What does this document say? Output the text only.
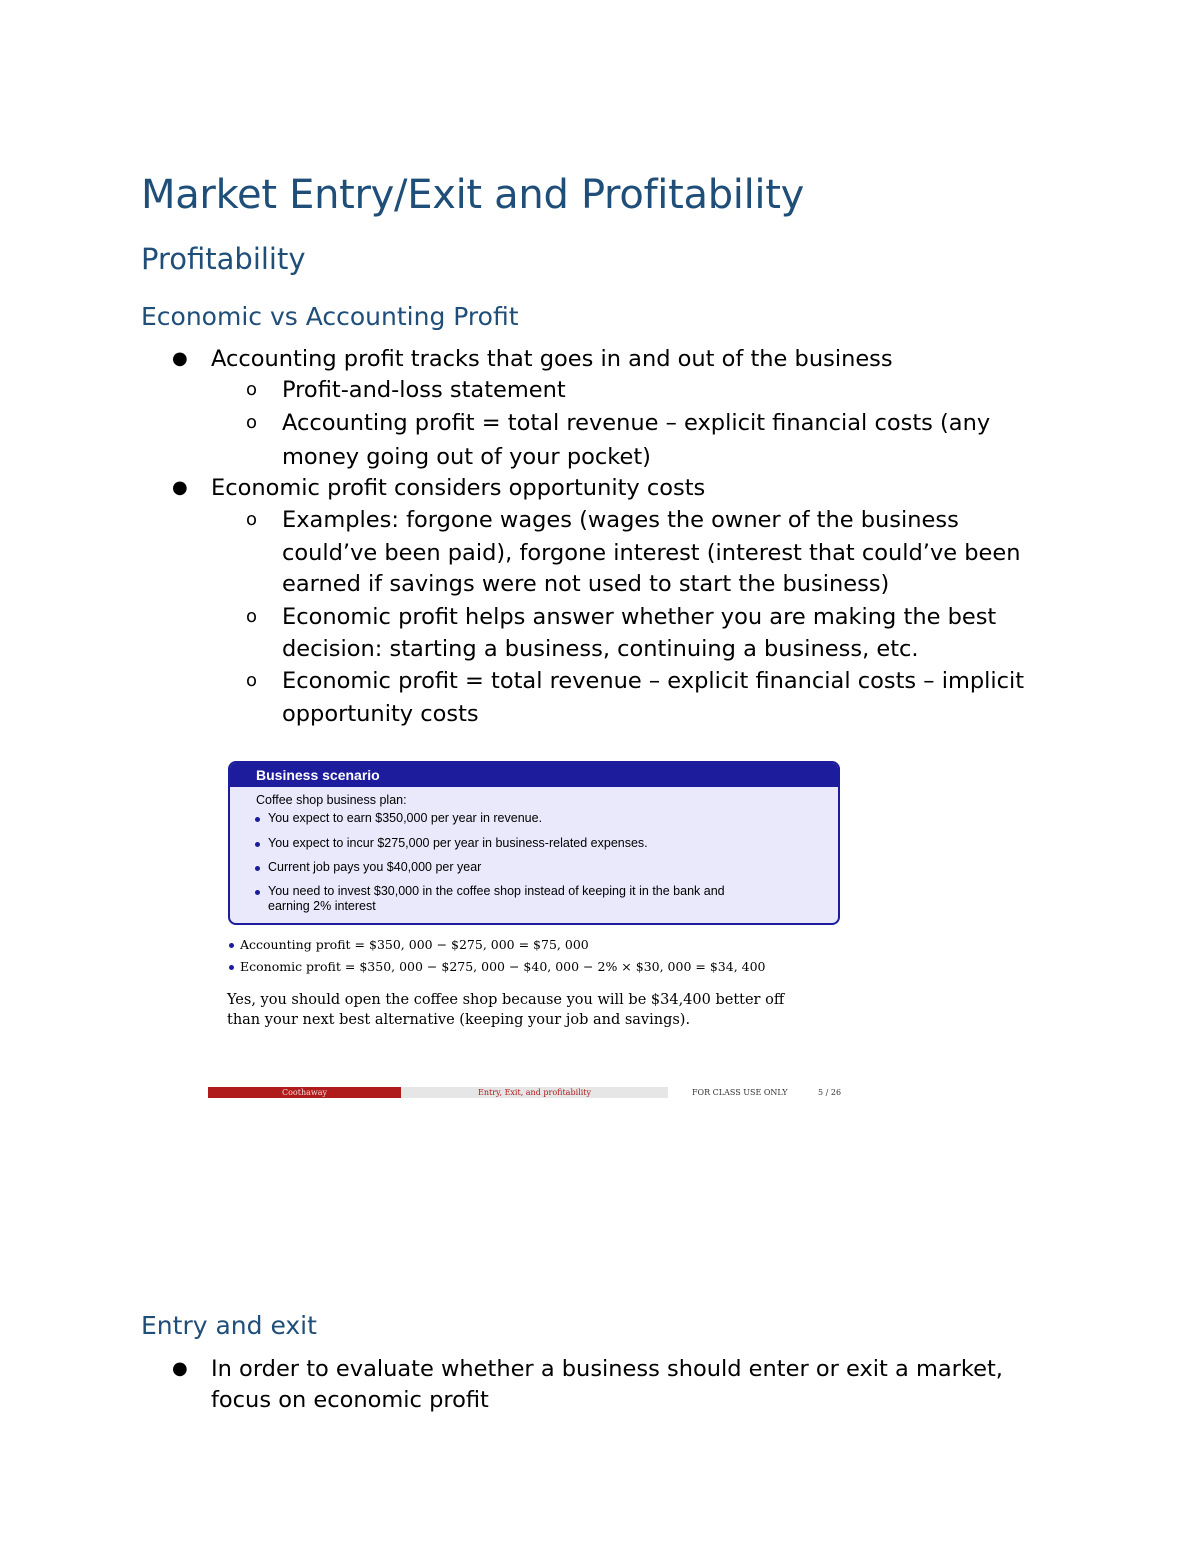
Market Entry/Exit and Profitability
Profitability
Economic vs Accounting Profit
● Accounting profit tracks that goes in and out of the business
o Profit-and-loss statement
o Accounting profit = total revenue – explicit financial costs (any
money going out of your pocket)
● Economic profit considers opportunity costs
o Examples: forgone wages (wages the owner of the business
could’ve been paid), forgone interest (interest that could’ve been
earned if savings were not used to start the business)
o Economic profit helps answer whether you are making the best
decision: starting a business, continuing a business, etc.
o Economic profit = total revenue – explicit financial costs – implicit
opportunity costs
Business scenario
Coffee shop business plan:
You expect to earn $350,000 per year in revenue.
You expect to incur $275,000 per year in business-related expenses.
Current job pays you $40,000 per year
You need to invest $30,000 in the coffee shop instead of keeping it in the bank and
earning 2% interest
Accounting profit = $350, 000 − $275, 000 = $75, 000
Economic profit = $350, 000 − $275, 000 − $40, 000 − 2% × $30, 000 = $34, 400
Yes, you should open the coffee shop because you will be $34,400 better off
than your next best alternative (keeping your job and savings).
Coothaway	Entry, Exit, and profitability	FOR CLASS USE ONLY	5 / 26
Entry and exit
● In order to evaluate whether a business should enter or exit a market,
focus on economic profit
